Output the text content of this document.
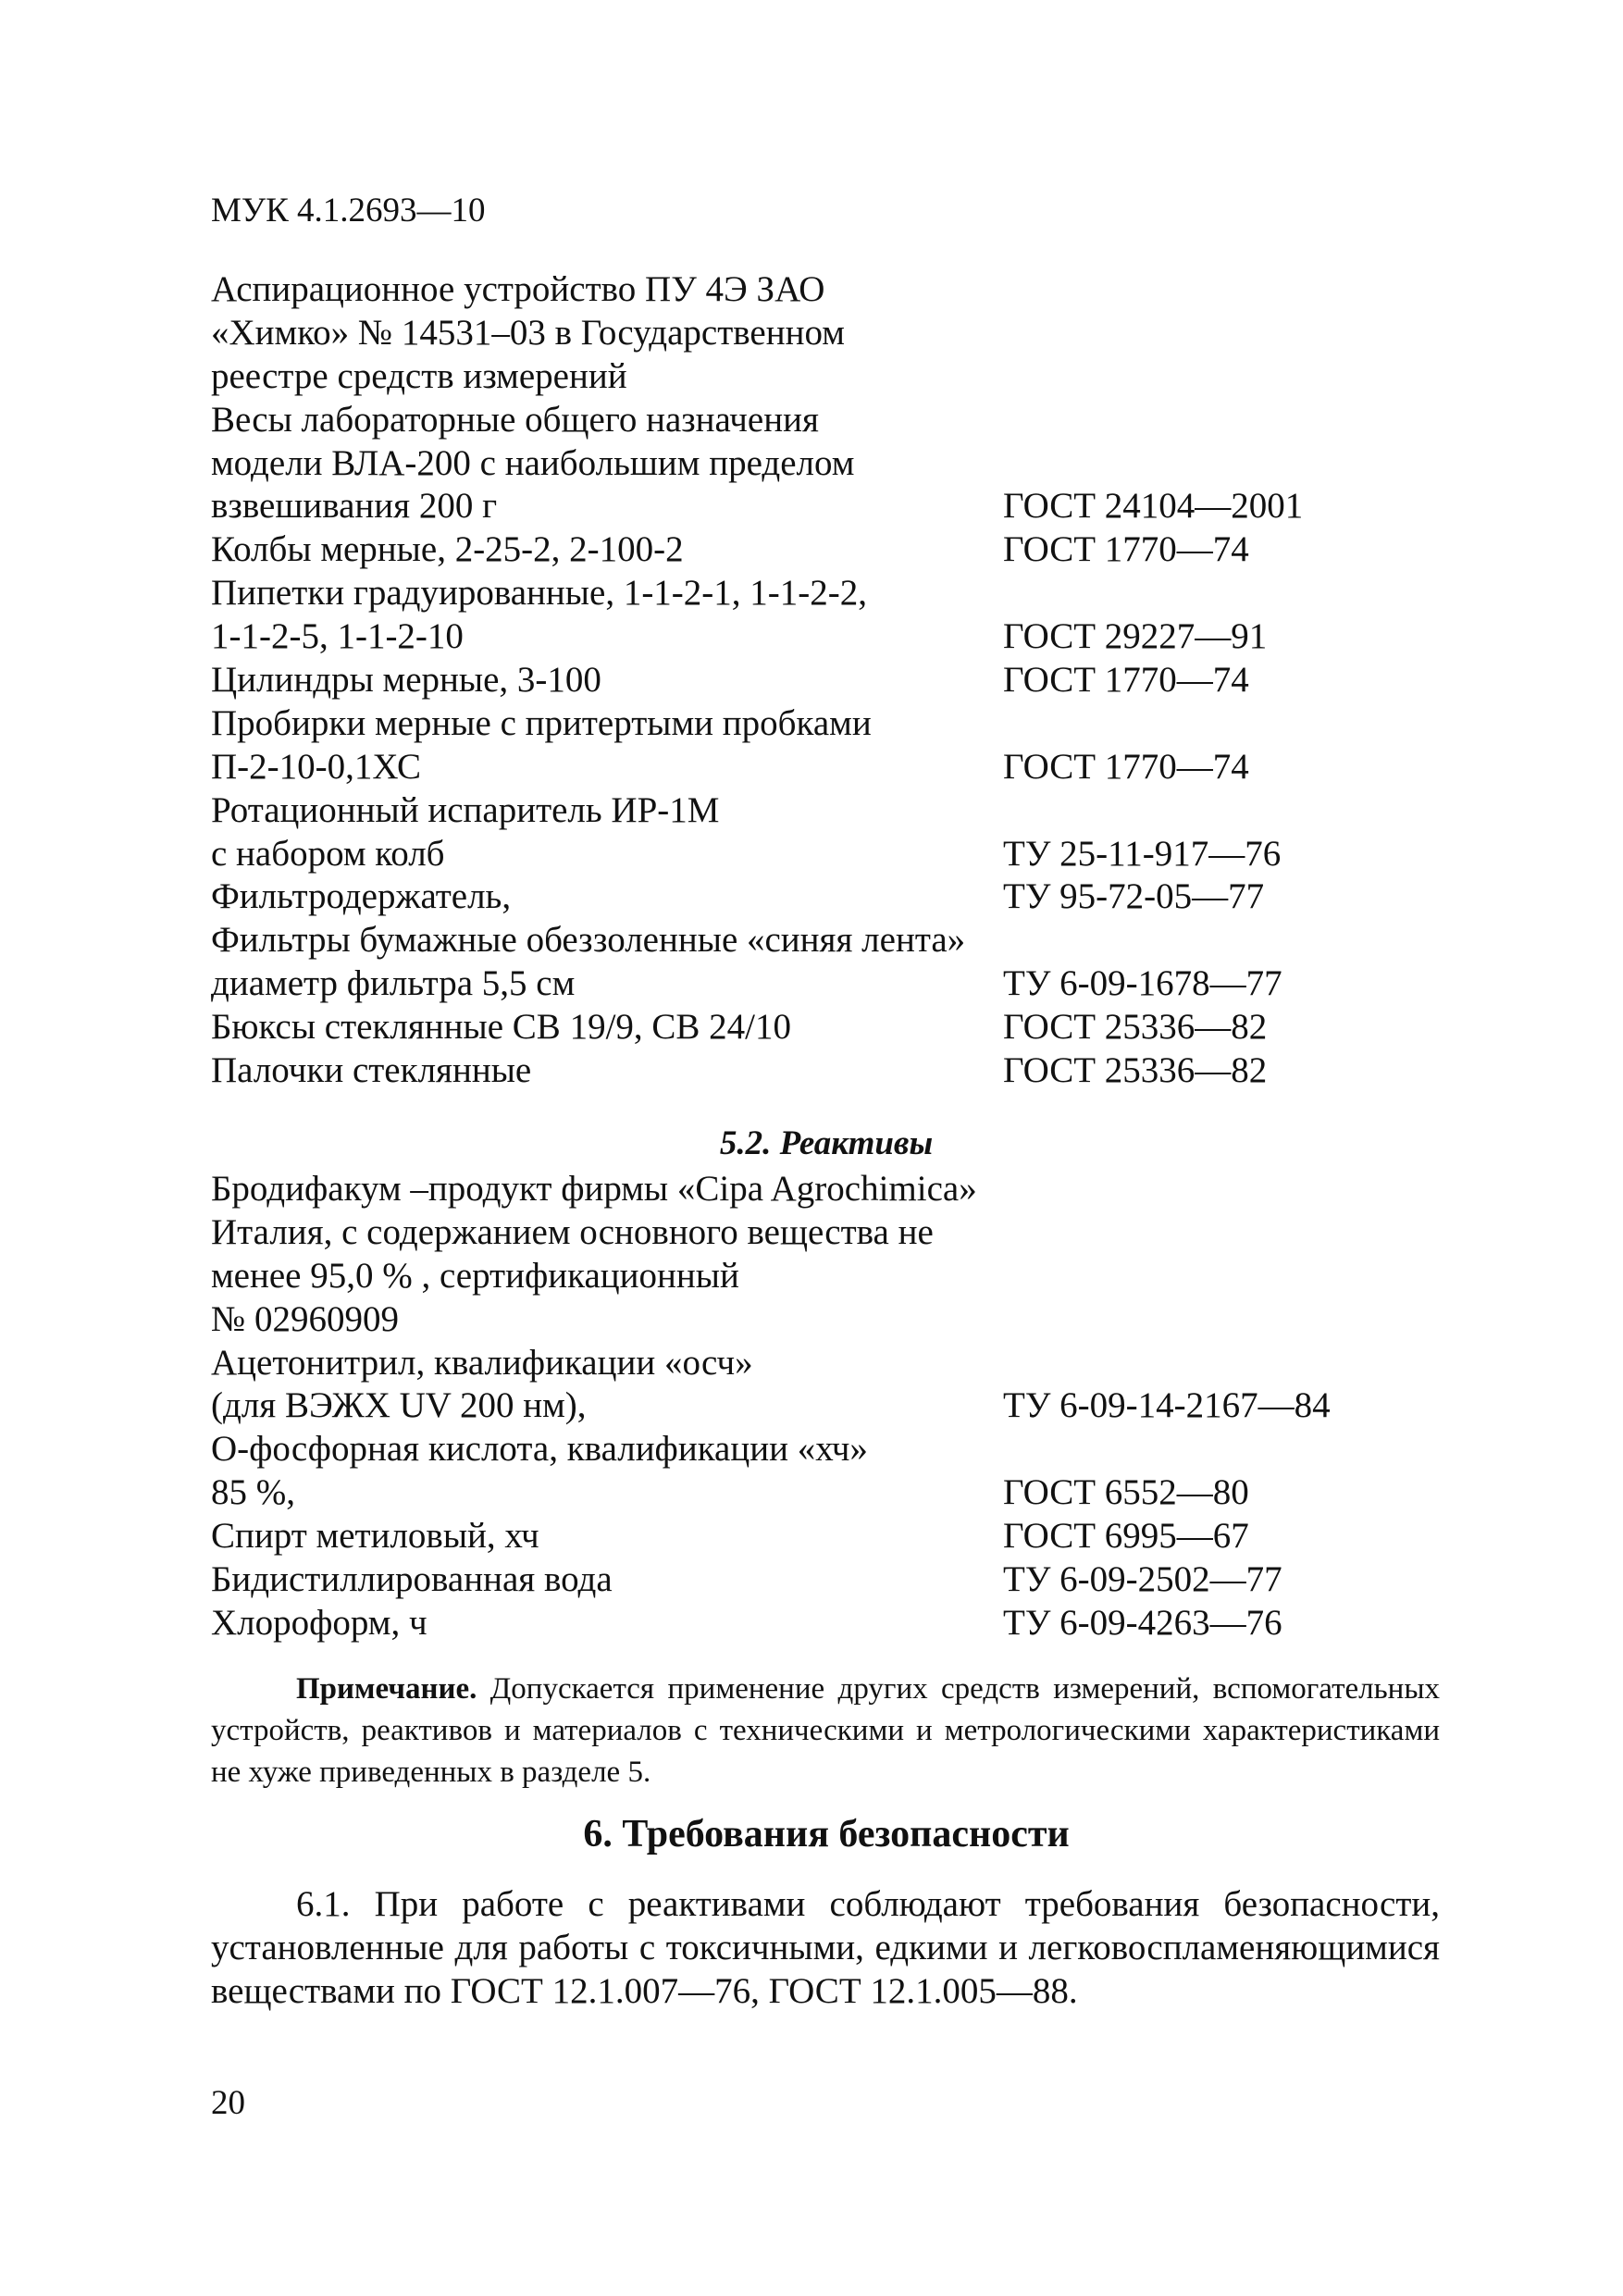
МУК 4.1.2693—10
Аспирационное устройство ПУ 4Э ЗАО
«Химко» № 14531–03 в Государственном
реестре средств измерений
Весы лабораторные общего назначения
модели ВЛА-200 с наибольшим пределом
взвешивания 200 г	ГОСТ 24104—2001
Колбы мерные, 2-25-2, 2-100-2	ГОСТ 1770—74
Пипетки градуированные, 1-1-2-1, 1-1-2-2,
1-1-2-5, 1-1-2-10	ГОСТ 29227—91
Цилиндры мерные, 3-100	ГОСТ 1770—74
Пробирки мерные с притертыми пробками
П-2-10-0,1ХС	ГОСТ 1770—74
Ротационный испаритель ИР-1М
с набором колб	ТУ 25-11-917—76
Фильтродержатель,	ТУ 95-72-05—77
Фильтры бумажные обеззоленные «синяя лента»
диаметр фильтра 5,5 см	ТУ 6-09-1678—77
Бюксы стеклянные СВ 19/9, СВ 24/10	ГОСТ 25336—82
Палочки стеклянные	ГОСТ 25336—82
5.2. Реактивы
Бродифакум –продукт фирмы «Cipa Agrochimica»
Италия, с содержанием основного вещества не
менее 95,0 % , сертификационный
№ 02960909
Ацетонитрил, квалификации «осч»
(для ВЭЖХ UV 200 нм),	ТУ 6-09-14-2167—84
О-фосфорная кислота, квалификации «хч»
85 %,	ГОСТ 6552—80
Спирт метиловый, хч	ГОСТ 6995—67
Бидистиллированная вода	ТУ 6-09-2502—77
Хлороформ, ч	ТУ 6-09-4263—76
Примечание. Допускается применение других средств измерений, вспомогательных устройств, реактивов и материалов с техническими и метрологическими характеристиками не хуже приведенных в разделе 5.
6. Требования безопасности
6.1. При работе с реактивами соблюдают требования безопасности, установленные для работы с токсичными, едкими и легковоспламеняющимися веществами по ГОСТ 12.1.007—76, ГОСТ 12.1.005—88.
20
